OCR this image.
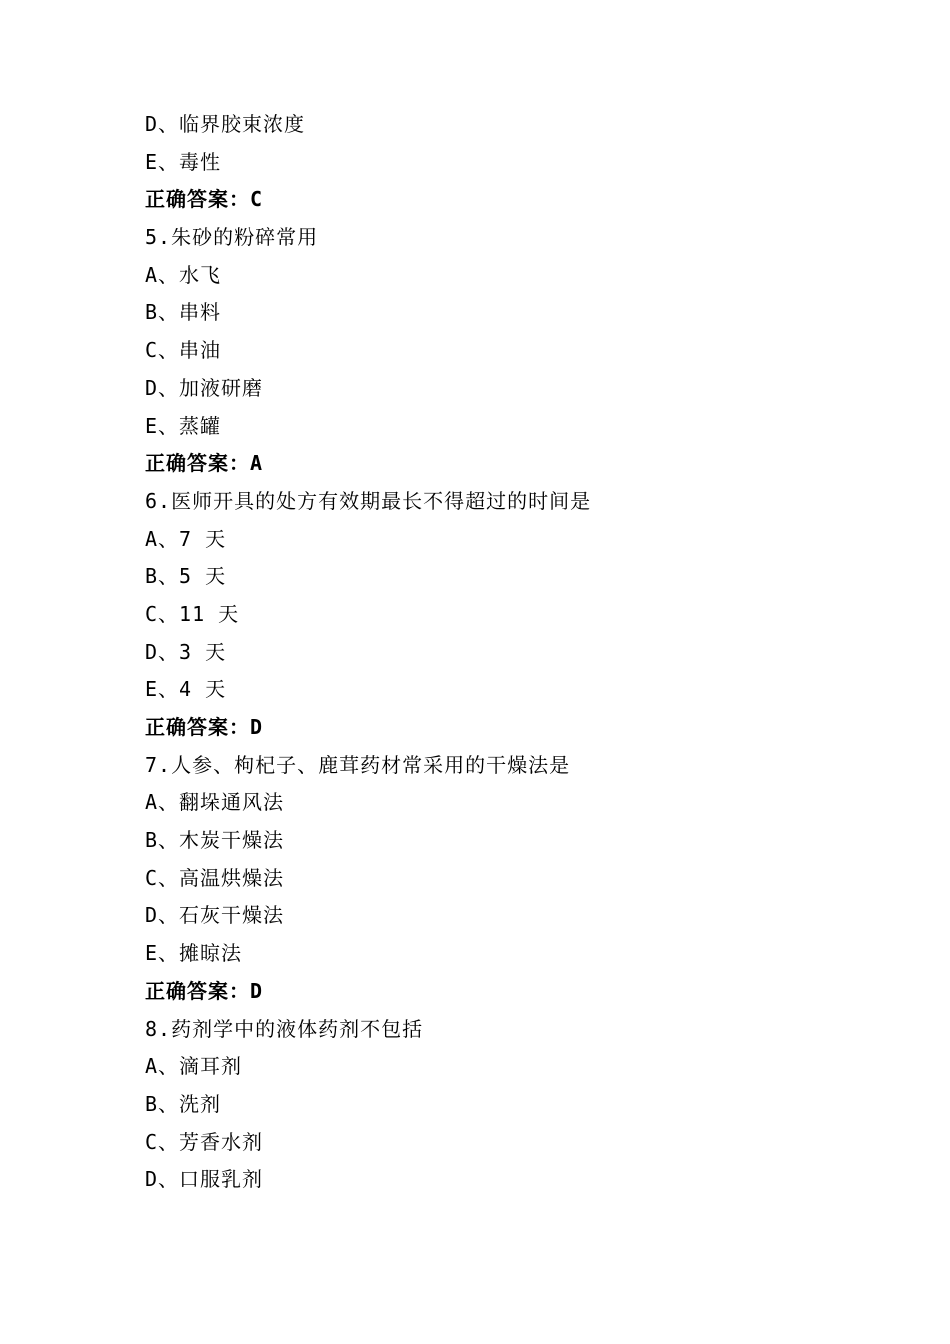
D、临界胶束浓度
E、毒性
正确答案：C
5.朱砂的粉碎常用
A、水飞
B、串料
C、串油
D、加液研磨
E、蒸罐
正确答案：A
6.医师开具的处方有效期最长不得超过的时间是
A、7 天
B、5 天
C、11 天
D、3 天
E、4 天
正确答案：D
7.人参、枸杞子、鹿茸药材常采用的干燥法是
A、翻垛通风法
B、木炭干燥法
C、高温烘燥法
D、石灰干燥法
E、摊晾法
正确答案：D
8.药剂学中的液体药剂不包括
A、滴耳剂
B、洗剂
C、芳香水剂
D、口服乳剂
